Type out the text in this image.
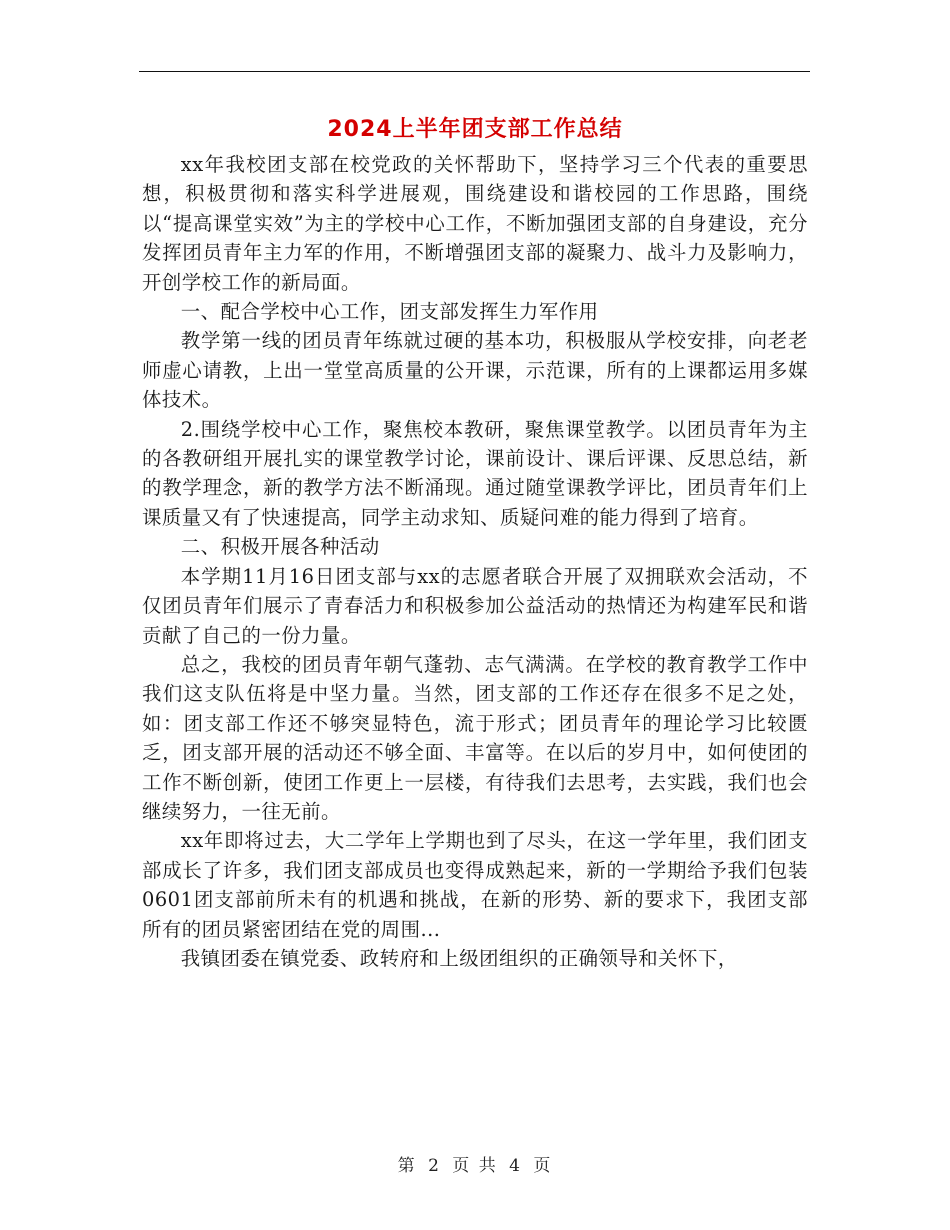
2024上半年团支部工作总结

xx年我校团支部在校党政的关怀帮助下，坚持学习三个代表的重要思想，积极贯彻和落实科学进展观，围绕建设和谐校园的工作思路，围绕以“提高课堂实效”为主的学校中心工作，不断加强团支部的自身建设，充分发挥团员青年主力军的作用，不断增强团支部的凝聚力、战斗力及影响力，开创学校工作的新局面。

一、配合学校中心工作，团支部发挥生力军作用

教学第一线的团员青年练就过硬的基本功，积极服从学校安排，向老老师虚心请教，上出一堂堂高质量的公开课，示范课，所有的上课都运用多媒体技术。

2.围绕学校中心工作，聚焦校本教研，聚焦课堂教学。以团员青年为主的各教研组开展扎实的课堂教学讨论，课前设计、课后评课、反思总结，新的教学理念，新的教学方法不断涌现。通过随堂课教学评比，团员青年们上课质量又有了快速提高，同学主动求知、质疑问难的能力得到了培育。

二、积极开展各种活动

本学期11月16日团支部与xx的志愿者联合开展了双拥联欢会活动，不仅团员青年们展示了青春活力和积极参加公益活动的热情还为构建军民和谐贡献了自己的一份力量。

总之，我校的团员青年朝气蓬勃、志气满满。在学校的教育教学工作中我们这支队伍将是中坚力量。当然，团支部的工作还存在很多不足之处，如：团支部工作还不够突显特色，流于形式；团员青年的理论学习比较匮乏，团支部开展的活动还不够全面、丰富等。在以后的岁月中，如何使团的工作不断创新，使团工作更上一层楼，有待我们去思考，去实践，我们也会继续努力，一往无前。

xx年即将过去，大二学年上学期也到了尽头，在这一学年里，我们团支部成长了许多，我们团支部成员也变得成熟起来，新的一学期给予我们包装0601团支部前所未有的机遇和挑战，在新的形势、新的要求下，我团支部所有的团员紧密团结在党的周围...

我镇团委在镇党委、政转府和上级团组织的正确领导和关怀下，

第 2 页 共 4 页
